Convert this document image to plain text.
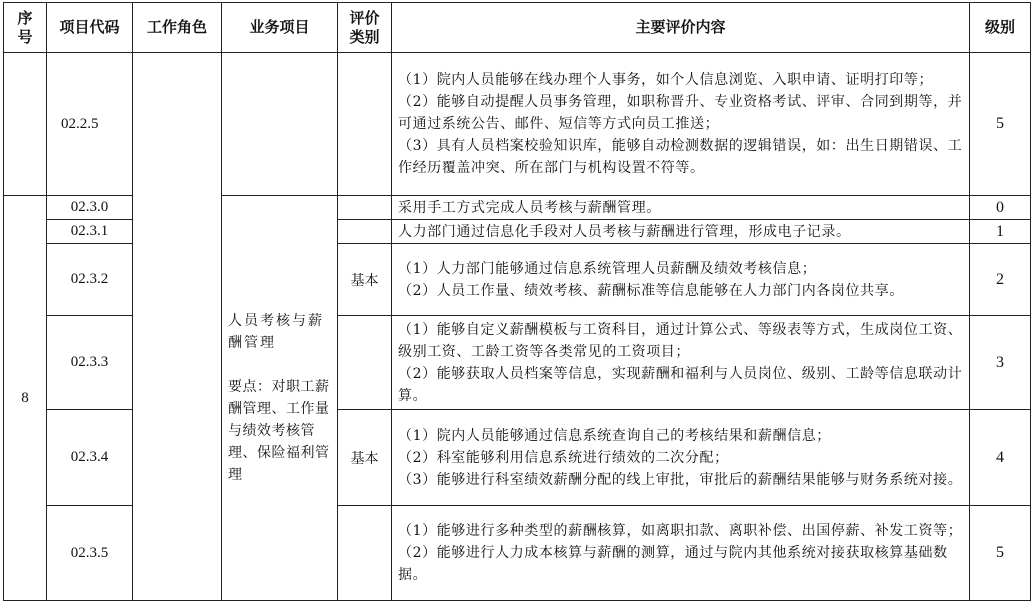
序号	项目代码	工作角色	业务项目	评价类别	主要评价内容	级别
	02.2.5				（1）院内人员能够在线办理个人事务，如个人信息浏览、入职申请、证明打印等；

（2）能够自动提醒人员事务管理，如职称晋升、专业资格考试、评审、合同到期等，并可通过系统公告、邮件、短信等方式向员工推送；

（3）具有人员档案校验知识库，能够自动检测数据的逻辑错误，如：出生日期错误、工作经历覆盖冲突、所在部门与机构设置不符等。	5
8	02.3.0		人员考核与薪酬管理

要点：对职工薪酬管理、工作量与绩效考核管理、保险福利管理		采用手工方式完成人员考核与薪酬管理。	0
	02.3.1				人力部门通过信息化手段对人员考核与薪酬进行管理，形成电子记录。	1
	02.3.2			基本	（1）人力部门能够通过信息系统管理人员薪酬及绩效考核信息；

（2）人员工作量、绩效考核、薪酬标准等信息能够在人力部门内各岗位共享。	2
	02.3.3				（1）能够自定义薪酬模板与工资科目，通过计算公式、等级表等方式，生成岗位工资、级别工资、工龄工资等各类常见的工资项目；

（2）能够获取人员档案等信息，实现薪酬和福利与人员岗位、级别、工龄等信息联动计算。	3
	02.3.4			基本	（1）院内人员能够通过信息系统查询自己的考核结果和薪酬信息；

（2）科室能够利用信息系统进行绩效的二次分配；

（3）能够进行科室绩效薪酬分配的线上审批，审批后的薪酬结果能够与财务系统对接。	4
	02.3.5				（1）能够进行多种类型的薪酬核算，如离职扣款、离职补偿、出国停薪、补发工资等；

（2）能够进行人力成本核算与薪酬的测算，通过与院内其他系统对接获取核算基础数据。	5
